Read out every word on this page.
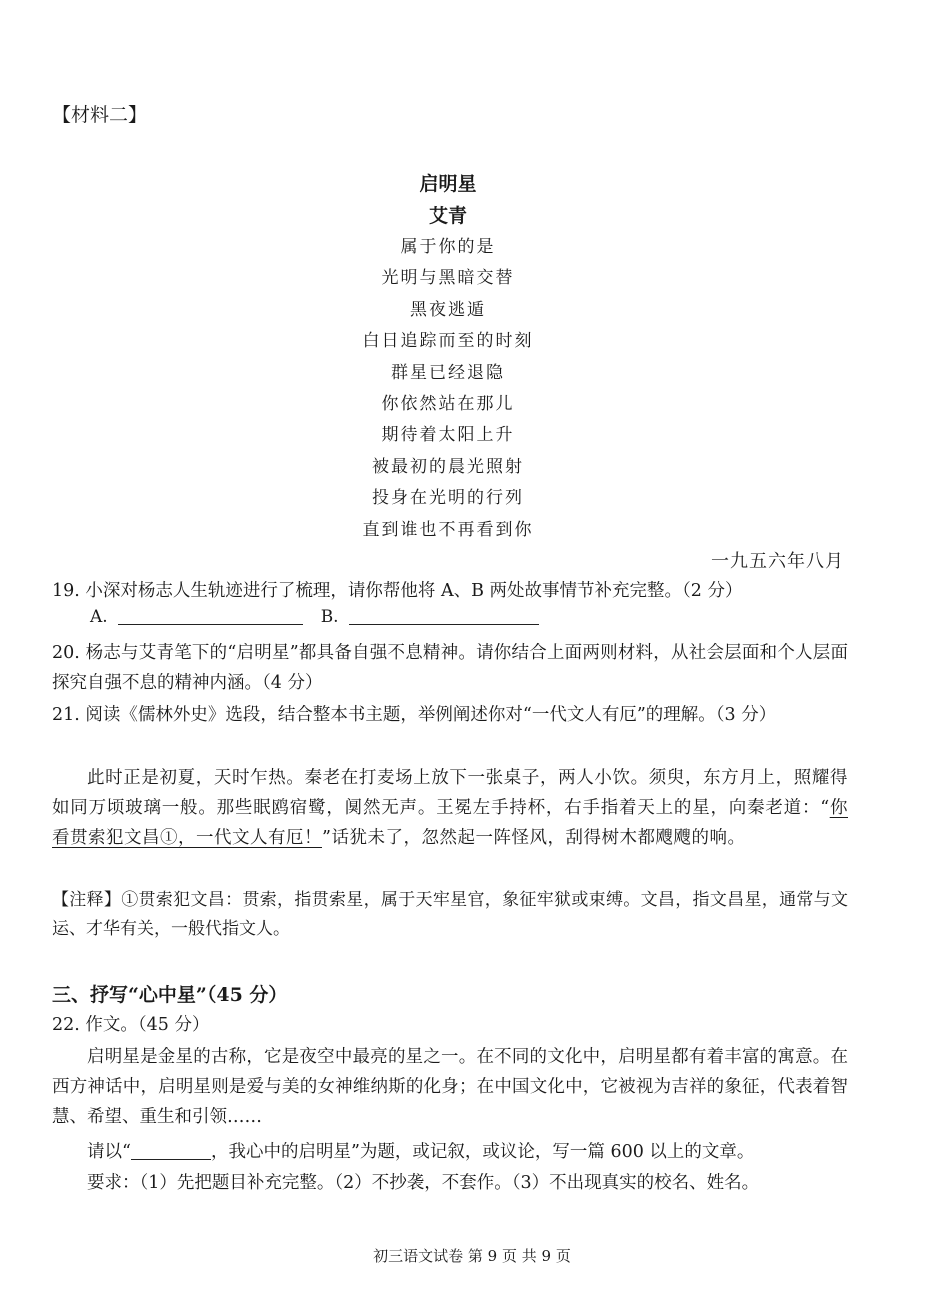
【材料二】
启明星
艾青
属于你的是
光明与黑暗交替
黑夜逃遁
白日追踪而至的时刻
群星已经退隐
你依然站在那儿
期待着太阳上升
被最初的晨光照射
投身在光明的行列
直到谁也不再看到你
一九五六年八月
19. 小深对杨志人生轨迹进行了梳理，请你帮他将 A、B 两处故事情节补充完整。（2 分）
A.	B.
20. 杨志与艾青笔下的“启明星”都具备自强不息精神。请你结合上面两则材料，从社会层面和个人层面探究自强不息的精神内涵。（4 分）
21. 阅读《儒林外史》选段，结合整本书主题，举例阐述你对“一代文人有厄”的理解。（3 分）
此时正是初夏，天时乍热。秦老在打麦场上放下一张桌子，两人小饮。须臾，东方月上，照耀得如同万顷玻璃一般。那些眠鸥宿鹭，阒然无声。王冕左手持杯，右手指着天上的星，向秦老道：“你看贯索犯文昌①，一代文人有厄！”话犹未了，忽然起一阵怪风，刮得树木都飕飕的响。
【注释】①贯索犯文昌：贯索，指贯索星，属于天牢星官，象征牢狱或束缚。文昌，指文昌星，通常与文运、才华有关，一般代指文人。
三、抒写“心中星”（45 分）
22. 作文。（45 分）
启明星是金星的古称，它是夜空中最亮的星之一。在不同的文化中，启明星都有着丰富的寓意。在西方神话中，启明星则是爱与美的女神维纳斯的化身；在中国文化中，它被视为吉祥的象征，代表着智慧、希望、重生和引领……
请以“	，我心中的启明星”为题，或记叙，或议论，写一篇 600 以上的文章。
要求：（1）先把题目补充完整。（2）不抄袭，不套作。（3）不出现真实的校名、姓名。
初三语文试卷 第 9 页 共 9 页
